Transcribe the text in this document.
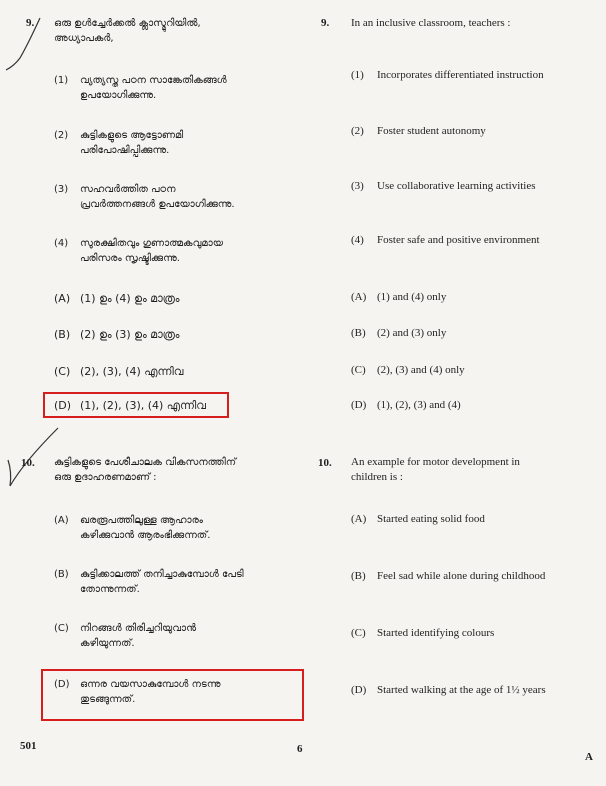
9. ഒരു ഉൾച്ചേർക്കൽ ക്ലാസ്മുറിയിൽ,
അധ്യാപകർ,
9. In an inclusive classroom, teachers :
(1) വ്യത്യസ്ത പഠന സാങ്കേതികങ്ങൾ
ഉപയോഗിക്കുന്നു.
(1) Incorporates differentiated instruction
(2) കുട്ടികളുടെ ആട്ടോണമി
പരിപോഷിപ്പിക്കുന്നു.
(2) Foster student autonomy
(3) സഹവർത്തിത പഠന
പ്രവർത്തനങ്ങൾ ഉപയോഗിക്കുന്നു.
(3) Use collaborative learning activities
(4) സുരക്ഷിതവും ഗുണാത്മകവുമായ
പരിസരം സൃഷ്ടിക്കുന്നു.
(4) Foster safe and positive environment
(A) (1) ഉം (4) ഉം മാത്രം	(A) (1) and (4) only
(B) (2) ഉം (3) ഉം മാത്രം	(B) (2) and (3) only
(C) (2), (3), (4) എന്നിവ	(C) (2), (3) and (4) only
(D) (1), (2), (3), (4) എന്നിവ	(D) (1), (2), (3) and (4)
10. കുട്ടികളുടെ പേശീചാലക വികസനത്തിന്
ഒരു ഉദാഹരണമാണ് :
10. An example for motor development in
children is :
(A) ഖരരൂപത്തിലുള്ള ആഹാരം
കഴിക്കുവാൻ ആരംഭിക്കുന്നത്.
(A) Started eating solid food
(B) കുട്ടിക്കാലത്ത് തനിച്ചാകുമ്പോൾ പേടി
തോന്നുന്നത്.
(B) Feel sad while alone during childhood
(C) നിറങ്ങൾ തിരിച്ചറിയുവാൻ
കഴിയുന്നത്.
(C) Started identifying colours
(D) ഒന്നര വയസാകുമ്പോൾ നടന്നു
തുടങ്ങുന്നത്.
(D) Started walking at the age of 1½ years
501	6
A
